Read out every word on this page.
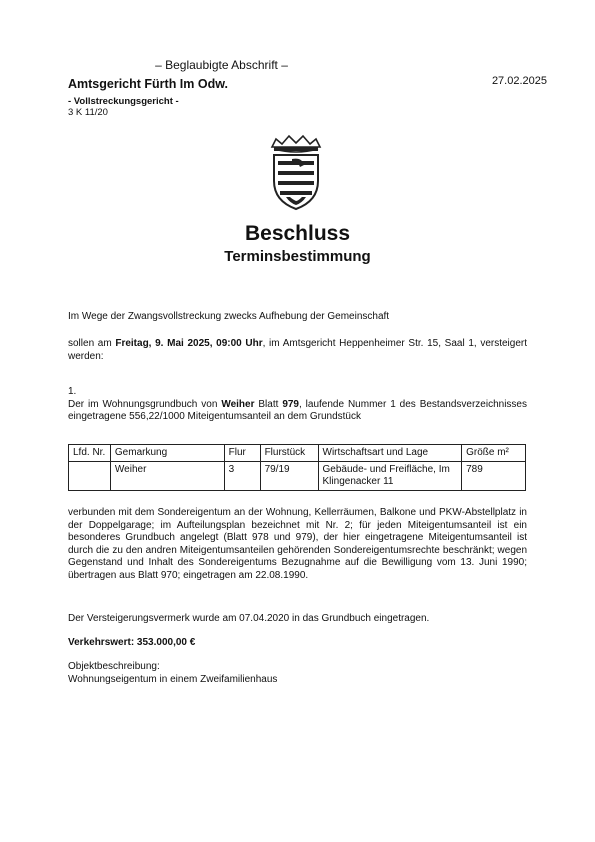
– Beglaubigte Abschrift –
Amtsgericht Fürth Im Odw.
- Vollstreckungsgericht -
3 K 11/20
27.02.2025
Beschluss
Terminsbestimmung
Im Wege der Zwangsvollstreckung zwecks Aufhebung der Gemeinschaft
sollen am Freitag, 9. Mai 2025, 09:00 Uhr, im Amtsgericht Heppenheimer Str. 15, Saal 1, versteigert werden:
1.
Der im Wohnungsgrundbuch von Weiher Blatt 979, laufende Nummer 1 des Bestandsverzeichnisses eingetragene 556,22/1000 Miteigentumsanteil an dem Grundstück
Lfd. Nr.	Gemarkung	Flur	Flurstück	Wirtschaftsart und Lage	Größe m²
	Weiher	3	79/19	Gebäude- und Freifläche, Im Klingenacker 11	789
verbunden mit dem Sondereigentum an der Wohnung, Kellerräumen, Balkone und PKW-Abstellplatz in der Doppelgarage; im Aufteilungsplan bezeichnet mit Nr. 2; für jeden Miteigentumsanteil ist ein besonderes Grundbuch angelegt (Blatt 978 und 979), der hier eingetragene Miteigentumsanteil ist durch die zu den andren Miteigentumsanteilen gehörenden Sondereigentumsrechte beschränkt; wegen Gegenstand und Inhalt des Sondereigentums Bezugnahme auf die Bewilligung vom 13. Juni 1990; übertragen aus Blatt 970; eingetragen am 22.08.1990.
Der Versteigerungsvermerk wurde am 07.04.2020 in das Grundbuch eingetragen.
Verkehrswert: 353.000,00 €
Objektbeschreibung:
Wohnungseigentum in einem Zweifamilienhaus
